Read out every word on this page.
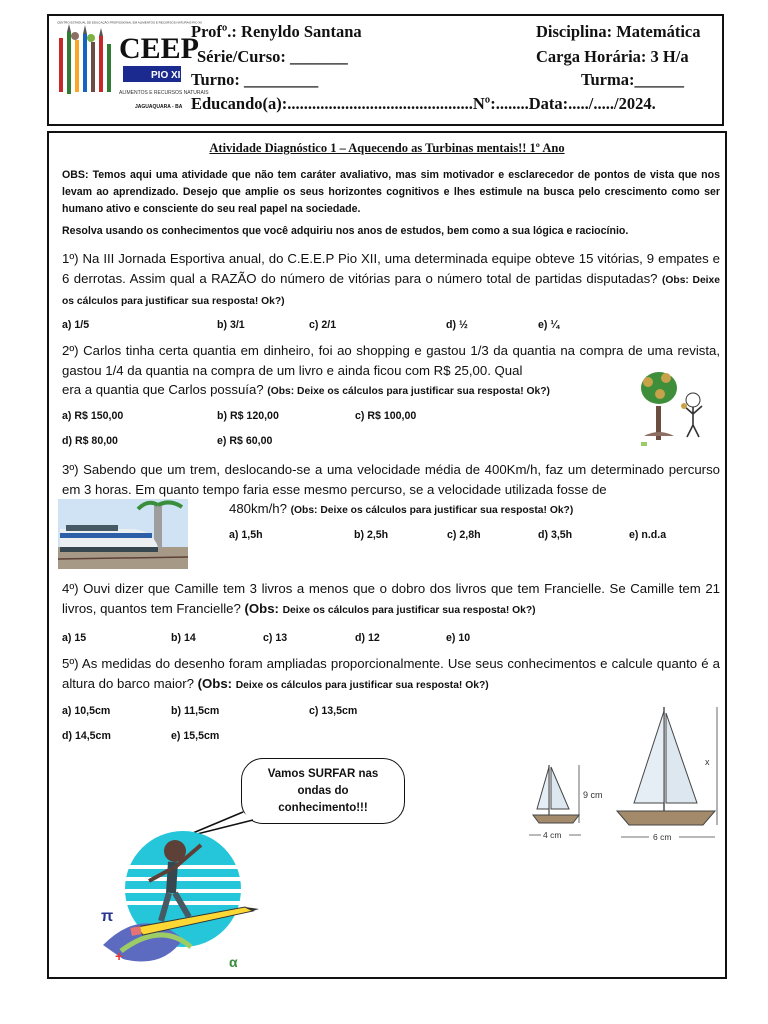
CENTRO ESTADUAL DE EDUCAÇÃO PROFISSIONAL EM ALIMENTOS E RECURSOS NATURAIS PIO XII
CEEP
PIO XII
ALIMENTOS E RECURSOS NATURAIS
JAGUAQUARA - BA
Profº.: Renyldo Santana	Disciplina: Matemática
Série/Curso: _______	Carga Horária: 3 H/a
Turno: _________	Turma:______
Educando(a):.............................................Nº:........Data:...../...../2024.
Atividade Diagnóstico 1 – Aquecendo as Turbinas mentais!! 1º Ano
OBS: Temos aqui uma atividade que não tem caráter avaliativo, mas sim motivador e esclarecedor de pontos de vista que nos levam ao aprendizado. Desejo que amplie os seus horizontes cognitivos e lhes estimule na busca pelo crescimento como ser humano ativo e consciente do seu real papel na sociedade.
Resolva usando os conhecimentos que você adquiriu nos anos de estudos, bem como a sua lógica e raciocínio.
1º) Na III Jornada Esportiva anual, do C.E.E.P Pio XII, uma determinada equipe obteve 15 vitórias, 9 empates e 6 derrotas. Assim qual a RAZÃO do número de vitórias para o número total de partidas disputadas? (Obs: Deixe os cálculos para justificar sua resposta! Ok?)
a) 1/5	b) 3/1	c) 2/1	d) ½	e) ¼
2º) Carlos tinha certa quantia em dinheiro, foi ao shopping e gastou 1/3 da quantia na compra de uma revista, gastou 1/4 da quantia na compra de um livro e ainda ficou com R$ 25,00. Qual
era a quantia que Carlos possuía? (Obs: Deixe os cálculos para justificar sua resposta! Ok?)
a) R$ 150,00	b) R$ 120,00	c) R$ 100,00
d) R$ 80,00	e) R$ 60,00
3º) Sabendo que um trem, deslocando-se a uma velocidade média de 400Km/h, faz um determinado percurso em 3 horas. Em quanto tempo faria esse mesmo percurso, se a velocidade utilizada fosse de
480km/h? (Obs: Deixe os cálculos para justificar sua resposta! Ok?)
a) 1,5h	b) 2,5h	c) 2,8h	d) 3,5h	e) n.d.a
4º) Ouvi dizer que Camille tem 3 livros a menos que o dobro dos livros que tem Francielle. Se Camille tem 21 livros, quantos tem Francielle? (Obs: Deixe os cálculos para justificar sua resposta! Ok?)
a) 15	b) 14	c) 13	d) 12	e) 10
5º) As medidas do desenho foram ampliadas proporcionalmente. Use seus conhecimentos e calcule quanto é a altura do barco maior? (Obs: Deixe os cálculos para justificar sua resposta! Ok?)
a) 10,5cm	b) 11,5cm	c) 13,5cm
d) 14,5cm	e) 15,5cm
9 cm
4 cm
x
6 cm
Vamos SURFAR nas ondas do conhecimento!!!
π
+	α
